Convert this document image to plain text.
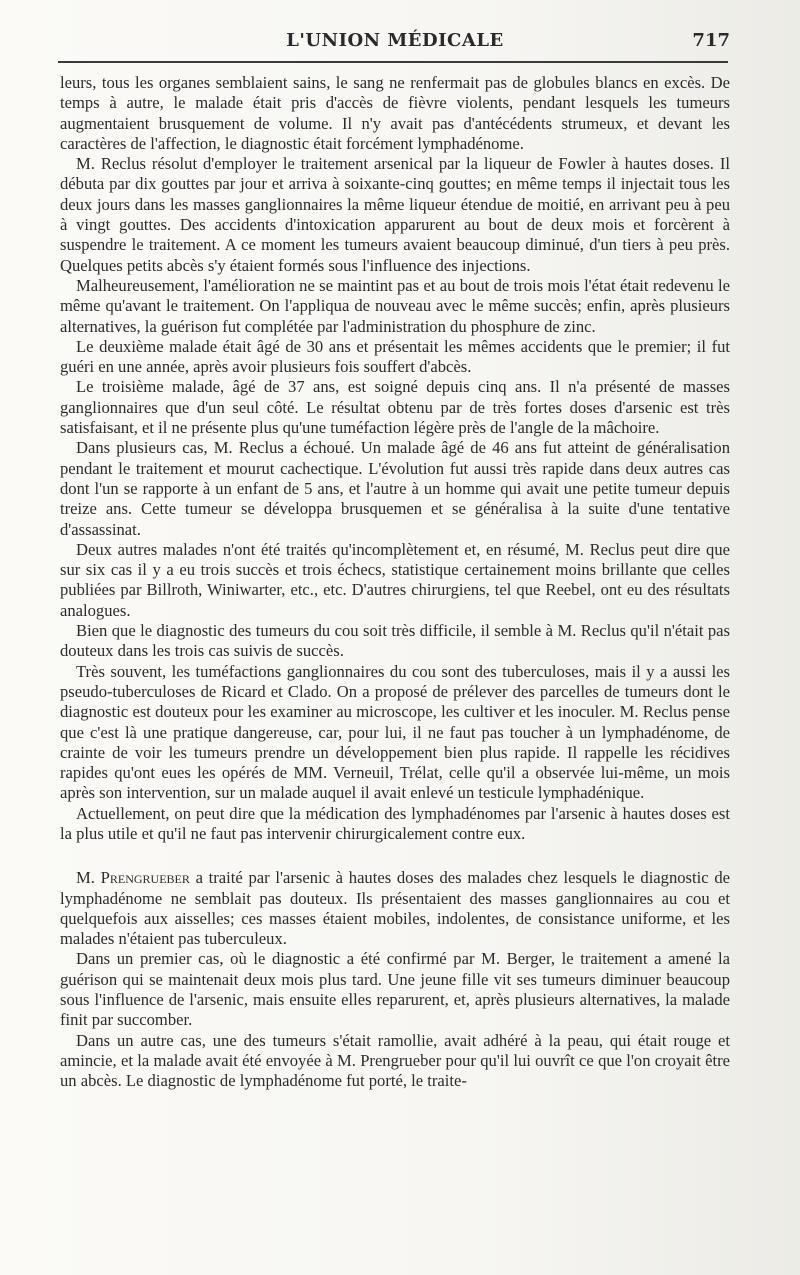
L'UNION MÉDICALE	717

leurs, tous les organes semblaient sains, le sang ne renfermait pas de globules blancs en excès. De temps à autre, le malade était pris d'accès de fièvre violents, pendant lesquels les tumeurs augmentaient brusquement de volume. Il n'y avait pas d'antécédents strumeux, et devant les caractères de l'affection, le diagnostic était forcément lymphadénome.

M. Reclus résolut d'employer le traitement arsenical par la liqueur de Fowler à hautes doses. Il débuta par dix gouttes par jour et arriva à soixante-cinq gouttes; en même temps il injectait tous les deux jours dans les masses ganglionnaires la même liqueur étendue de moitié, en arrivant peu à peu à vingt gouttes. Des accidents d'intoxication apparurent au bout de deux mois et forcèrent à suspendre le traitement. A ce moment les tumeurs avaient beaucoup diminué, d'un tiers à peu près. Quelques petits abcès s'y étaient formés sous l'influence des injections.

Malheureusement, l'amélioration ne se maintint pas et au bout de trois mois l'état était redevenu le même qu'avant le traitement. On l'appliqua de nouveau avec le même succès; enfin, après plusieurs alternatives, la guérison fut complétée par l'administration du phosphure de zinc.

Le deuxième malade était âgé de 30 ans et présentait les mêmes accidents que le premier; il fut guéri en une année, après avoir plusieurs fois souffert d'abcès.

Le troisième malade, âgé de 37 ans, est soigné depuis cinq ans. Il n'a présenté de masses ganglionnaires que d'un seul côté. Le résultat obtenu par de très fortes doses d'arsenic est très satisfaisant, et il ne présente plus qu'une tuméfaction légère près de l'angle de la mâchoire.

Dans plusieurs cas, M. Reclus a échoué. Un malade âgé de 46 ans fut atteint de généralisation pendant le traitement et mourut cachectique. L'évolution fut aussi très rapide dans deux autres cas dont l'un se rapporte à un enfant de 5 ans, et l'autre à un homme qui avait une petite tumeur depuis treize ans. Cette tumeur se développa brusquemen et se généralisa à la suite d'une tentative d'assassinat.

Deux autres malades n'ont été traités qu'incomplètement et, en résumé, M. Reclus peut dire que sur six cas il y a eu trois succès et trois échecs, statistique certainement moins brillante que celles publiées par Billroth, Winiwarter, etc., etc. D'autres chirurgiens, tel que Reebel, ont eu des résultats analogues.

Bien que le diagnostic des tumeurs du cou soit très difficile, il semble à M. Reclus qu'il n'était pas douteux dans les trois cas suivis de succès.

Très souvent, les tuméfactions ganglionnaires du cou sont des tuberculoses, mais il y a aussi les pseudo-tuberculoses de Ricard et Clado. On a proposé de prélever des parcelles de tumeurs dont le diagnostic est douteux pour les examiner au microscope, les cultiver et les inoculer. M. Reclus pense que c'est là une pratique dangereuse, car, pour lui, il ne faut pas toucher à un lymphadénome, de crainte de voir les tumeurs prendre un développement bien plus rapide. Il rappelle les récidives rapides qu'ont eues les opérés de MM. Verneuil, Trélat, celle qu'il a observée lui-même, un mois après son intervention, sur un malade auquel il avait enlevé un testicule lymphadénique.

Actuellement, on peut dire que la médication des lymphadénomes par l'arsenic à hautes doses est la plus utile et qu'il ne faut pas intervenir chirurgicalement contre eux.

M. Prengrueber a traité par l'arsenic à hautes doses des malades chez lesquels le diagnostic de lymphadénome ne semblait pas douteux. Ils présentaient des masses ganglionnaires au cou et quelquefois aux aisselles; ces masses étaient mobiles, indolentes, de consistance uniforme, et les malades n'étaient pas tuberculeux.

Dans un premier cas, où le diagnostic a été confirmé par M. Berger, le traitement a amené la guérison qui se maintenait deux mois plus tard. Une jeune fille vit ses tumeurs diminuer beaucoup sous l'influence de l'arsenic, mais ensuite elles reparurent, et, après plusieurs alternatives, la malade finit par succomber.

Dans un autre cas, une des tumeurs s'était ramollie, avait adhéré à la peau, qui était rouge et amincie, et la malade avait été envoyée à M. Prengrueber pour qu'il lui ouvrît ce que l'on croyait être un abcès. Le diagnostic de lymphadénome fut porté, le traite-
